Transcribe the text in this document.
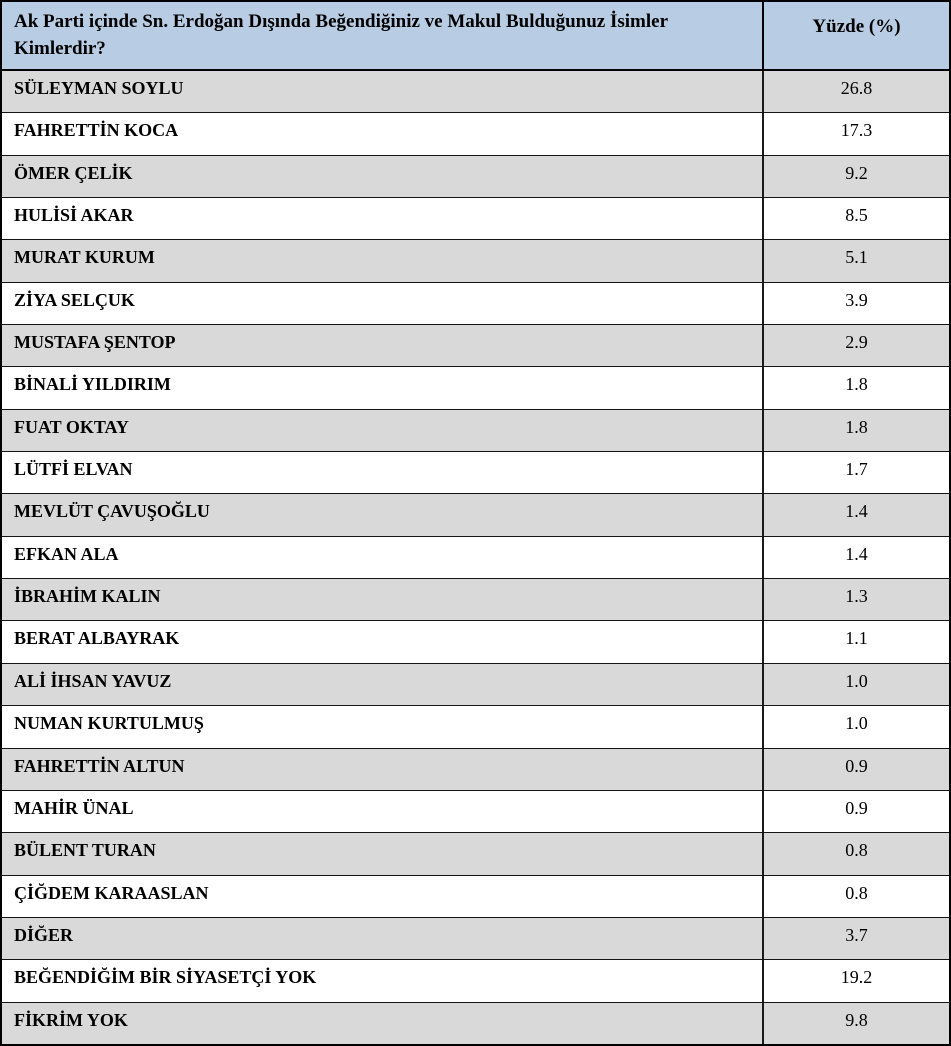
Ak Parti içinde Sn. Erdoğan Dışında Beğendiğiniz ve Makul Bulduğunuz İsimler Kimlerdir?
Yüzde (%)
SÜLEYMAN SOYLU	26.8
FAHRETTİN KOCA	17.3
ÖMER ÇELİK	9.2
HULİSİ AKAR	8.5
MURAT KURUM	5.1
ZİYA SELÇUK	3.9
MUSTAFA ŞENTOP	2.9
BİNALİ YILDIRIM	1.8
FUAT OKTAY	1.8
LÜTFİ ELVAN	1.7
MEVLÜT ÇAVUŞOĞLU	1.4
EFKAN ALA	1.4
İBRAHİM KALIN	1.3
BERAT ALBAYRAK	1.1
ALİ İHSAN YAVUZ	1.0
NUMAN KURTULMUŞ	1.0
FAHRETTİN ALTUN	0.9
MAHİR ÜNAL	0.9
BÜLENT TURAN	0.8
ÇİĞDEM KARAASLAN	0.8
DİĞER	3.7
BEĞENDİĞİM BİR SİYASETÇİ YOK	19.2
FİKRİM YOK	9.8
